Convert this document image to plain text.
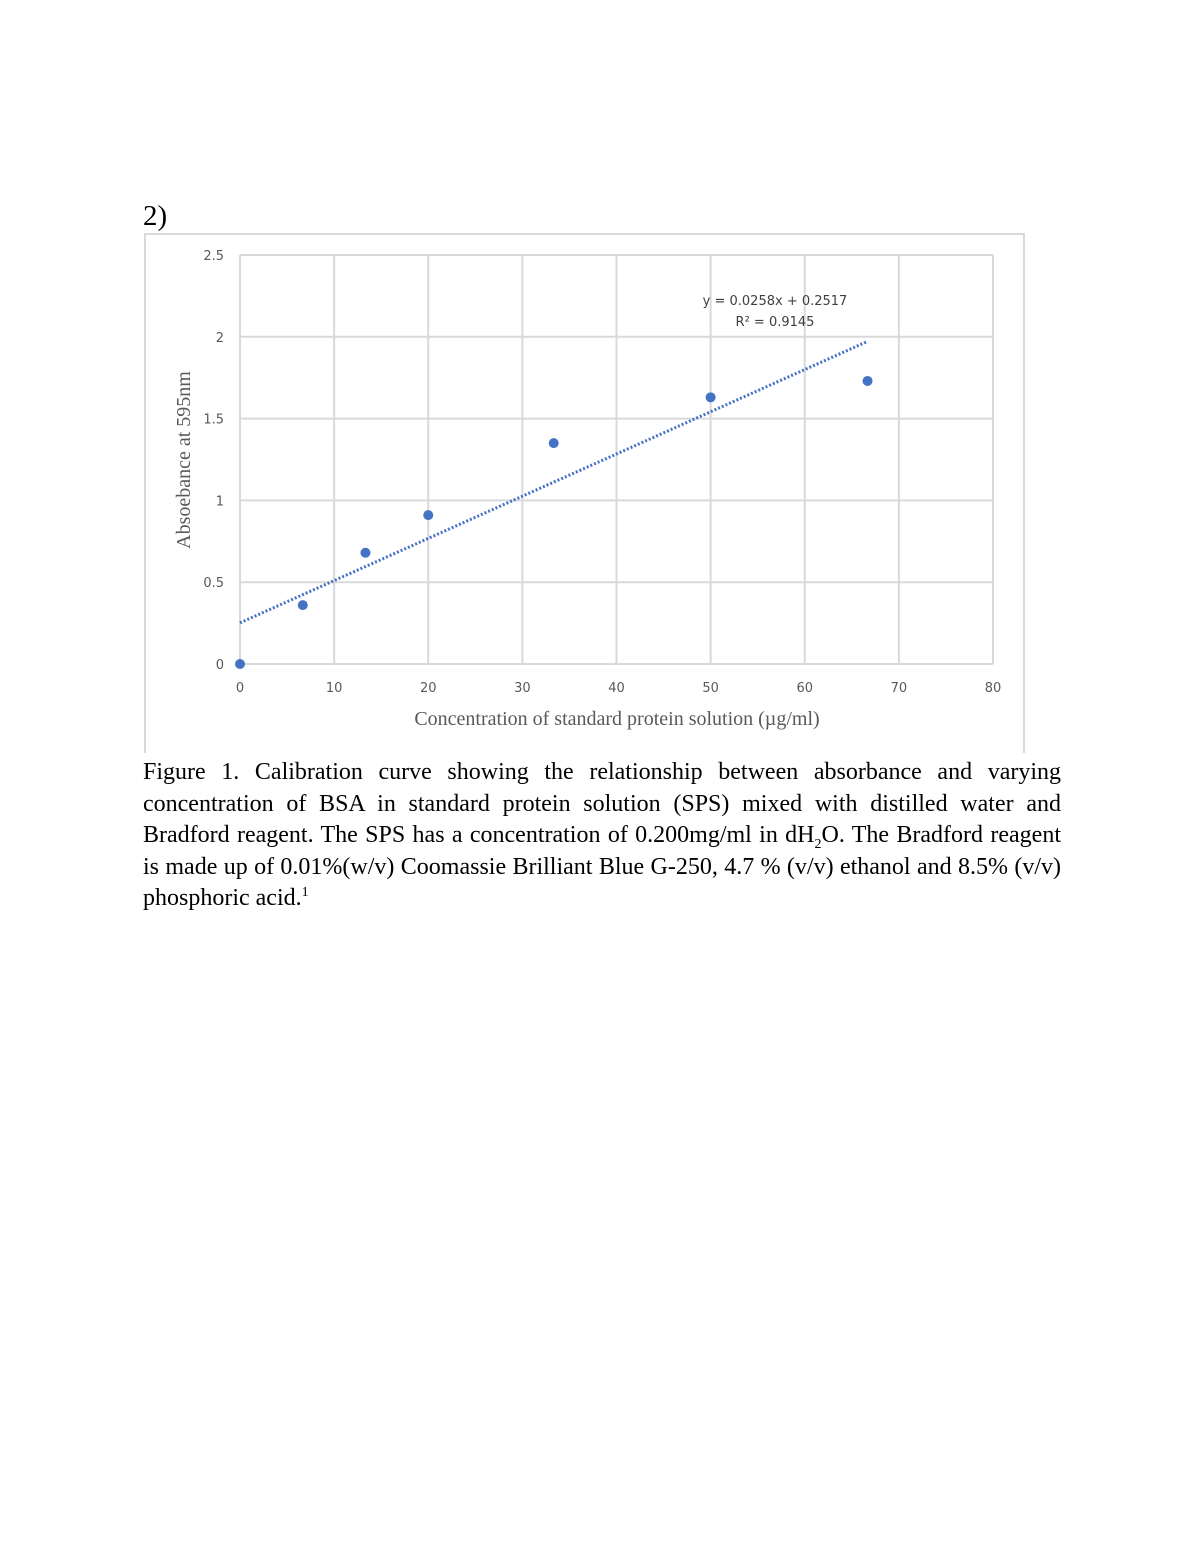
2)
0	10	20	30	40	50	60	70	80
0
0.5
1
1.5
2
2.5
y = 0.0258x + 0.2517
R² = 0.9145
Concentration of standard protein solution (µg/ml)
Absoebance at 595nm
Figure 1. Calibration curve showing the relationship between absorbance and varying concentration of BSA in standard protein solution (SPS) mixed with distilled water and Bradford reagent. The SPS has a concentration of 0.200mg/ml in $dH_2O$. The Bradford reagent is made up of 0.01%(w/v) Coomassie Brilliant Blue G-250, 4.7 % (v/v) ethanol and 8.5% (v/v) phosphoric acid.$^1$
